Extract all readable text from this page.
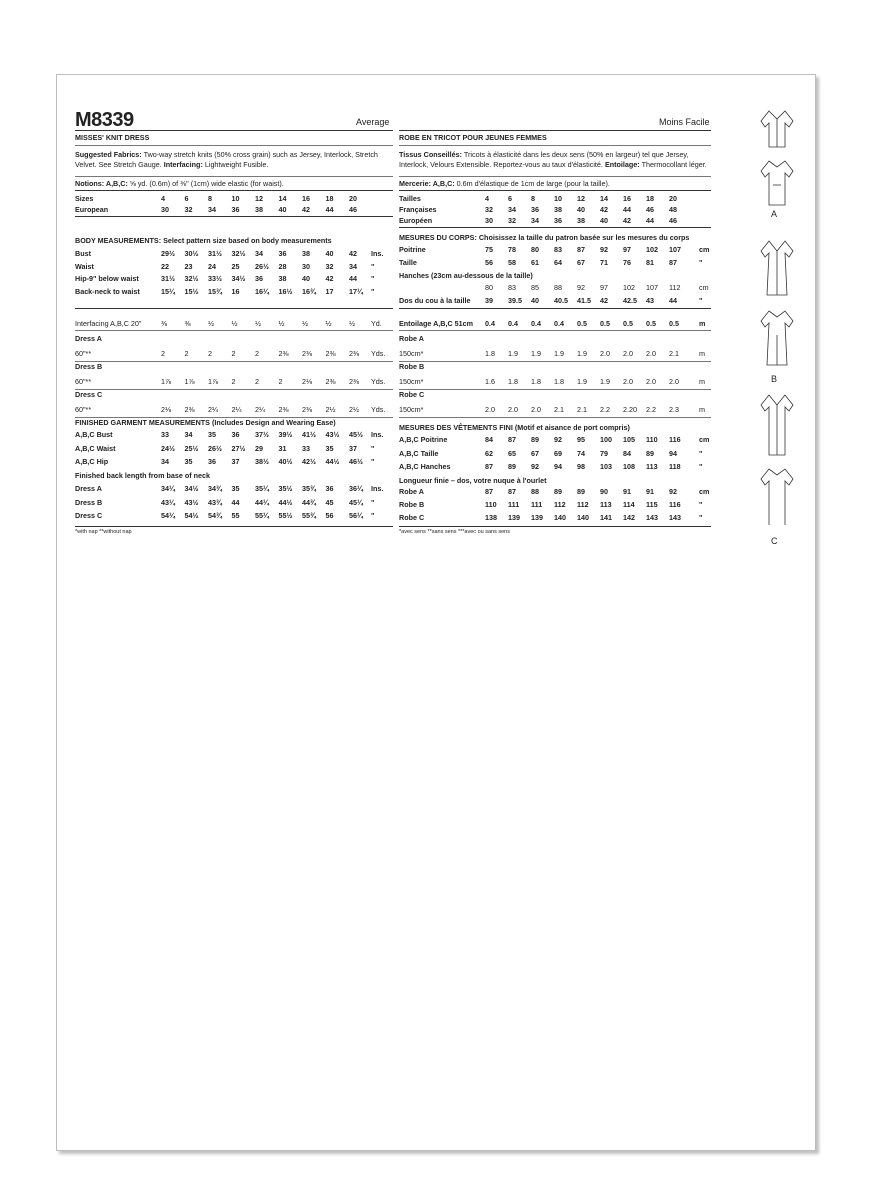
M8339	Average
MISSES' KNIT DRESS
Suggested Fabrics: Two-way stretch knits (50% cross grain) such as Jersey, Interlock, Stretch Velvet. See Stretch Gauge. Interfacing: Lightweight Fusible.
Notions: A,B,C: ⅝ yd. (0.6m) of ⅜" (1cm) wide elastic (for waist).
Sizes	4	6	8	10 12 14 16 18 20
European	30 32 34 36 38 40 42 44 46
BODY MEASUREMENTS: Select pattern size based on body measurements
Bust	29½ 30½ 31½ 32½ 34 36 38 40 42 Ins.
Waist	22 23 24 25 26½ 28 30 32 34 "
Hip-9" below waist	31½ 32½ 33½ 34½ 36 38 40 42 44 "
Back-neck to waist	15¼ 15½ 15¾ 16 16¼ 16½ 16¾ 17 17¼ "
Interfacing A,B,C 20"	⅜ ⅜ ½ ½ ½ ½ ½ ½ ½ Yd.
Dress A
60"**	2	2	2	2	2	2⅜ 2⅜ 2⅜ 2⅜ Yds.
Dress B
60"**	1⅞ 1⅞ 1⅞ 2	2	2	2⅛ 2⅜ 2⅜ Yds.
Dress C
60"**	2⅛ 2⅜ 2¼ 2¼ 2¼ 2⅜ 2⅜ 2½ 2½ Yds.
FINISHED GARMENT MEASUREMENTS (Includes Design and Wearing Ease)
A,B,C Bust	33 34 35 36 37½ 39½ 41½ 43½ 45½ Ins.
A,B,C Waist	24½ 25½ 26½ 27½ 29 31 33 35 37 "
A,B,C Hip	34 35 36 37 38½ 40½ 42½ 44½ 46½ "
Finished back length from base of neck
Dress A	34¼ 34½ 34¾ 35 35¼ 35½ 35¾ 36 36¼ Ins.
Dress B	43¼ 43½ 43¾ 44 44¼ 44½ 44¾ 45 45¼ "
Dress C	54¼ 54½ 54¾ 55 55¼ 55½ 55¾ 56 56¼ "
*with nap **without nap
Moins Facile
ROBE EN TRICOT POUR JEUNES FEMMES
Tissus Conseillés: Tricots à élasticité dans les deux sens (50% en largeur) tel que Jersey, Interlock, Velours Extensible. Reportez-vous au taux d'élasticité. Entoilage: Thermocollant léger.
Mercerie: A,B,C: 0.6m d'élastique de 1cm de large (pour la taille).
Tailles	4	6	8	10 12 14 16 18 20
Françaises	32 34 36 38 40 42 44 46 48
Européen	30 32 34 36 38 40 42 44 46
MESURES DU CORPS: Choisissez la taille du patron basée sur les mesures du corps
Poitrine	75 78 80 83 87 92 97 102 107	cm
Taille	56 58 61 64 67 71 76 81 87	"
Hanches (23cm au-dessous de la taille)
80 83 85 88 92 97 102 107 112	cm
Dos du cou à la taille 39 39.5 40 40.5 41.5 42 42.5 43 44	"
Entoilage A,B,C 51cm 0.4 0.4 0.4 0.4 0.5 0.5 0.5 0.5 0.5	m
Robe A
150cm*	1.8 1.9 1.9 1.9 1.9 2.0 2.0 2.0 2.1	m
Robe B
150cm*	1.6 1.8 1.8 1.8 1.9 1.9 2.0 2.0 2.0	m
Robe C
150cm*	2.0 2.0 2.0 2.1 2.1 2.2 2.20 2.2 2.3	m
MESURES DES VÊTEMENTS FINI (Motif et aisance de port compris)
A,B,C Poitrine	84 87 89 92 95 100 105 110 116	cm
A,B,C Taille	62 65 67 69 74 79 84 89 94	"
A,B,C Hanches	87 89 92 94 98 103 108 113 118	"
Longueur finie – dos, votre nuque à l'ourlet
Robe A	87 87 88 89 89 90 91 91 92	cm
Robe B	110 111 111 112 112 113 114 115 116	"
Robe C	138 139 139 140 140 141 142 143 143	"
*avec sens **sans sens ***avec ou sans sens
A
B
C
